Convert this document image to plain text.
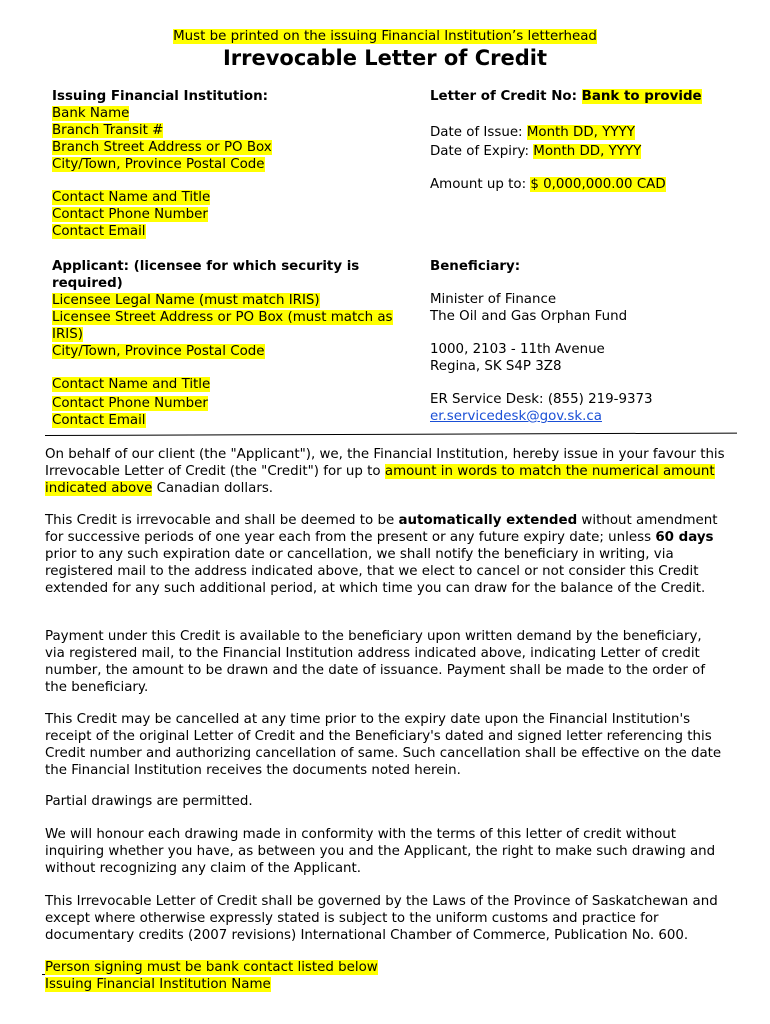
Must be printed on the issuing Financial Institution’s letterhead
Irrevocable Letter of Credit
Issuing Financial Institution:
Bank Name
Branch Transit #
Branch Street Address or PO Box
City/Town, Province Postal Code
Contact Name and Title
Contact Phone Number
Contact Email
Letter of Credit No: Bank to provide
Date of Issue: Month DD, YYYY
Date of Expiry: Month DD, YYYY
Amount up to: $ 0,000,000.00 CAD
Applicant: (licensee for which security is required)
Licensee Legal Name (must match IRIS)
Licensee Street Address or PO Box (must match as IRIS)
City/Town, Province Postal Code
Contact Name and Title
Contact Phone Number
Contact Email
Beneficiary:
Minister of Finance
The Oil and Gas Orphan Fund
1000, 2103 - 11th Avenue
Regina, SK S4P 3Z8
ER Service Desk: (855) 219-9373
er.servicedesk@gov.sk.ca

On behalf of our client (the "Applicant"), we, the Financial Institution, hereby issue in your favour this Irrevocable Letter of Credit (the "Credit") for up to amount in words to match the numerical amount indicated above Canadian dollars.

This Credit is irrevocable and shall be deemed to be automatically extended without amendment for successive periods of one year each from the present or any future expiry date; unless 60 days prior to any such expiration date or cancellation, we shall notify the beneficiary in writing, via registered mail to the address indicated above, that we elect to cancel or not consider this Credit extended for any such additional period, at which time you can draw for the balance of the Credit.

Payment under this Credit is available to the beneficiary upon written demand by the beneficiary, via registered mail, to the Financial Institution address indicated above, indicating Letter of credit number, the amount to be drawn and the date of issuance. Payment shall be made to the order of the beneficiary.

This Credit may be cancelled at any time prior to the expiry date upon the Financial Institution's receipt of the original Letter of Credit and the Beneficiary's dated and signed letter referencing this Credit number and authorizing cancellation of same. Such cancellation shall be effective on the date the Financial Institution receives the documents noted herein.

Partial drawings are permitted.

We will honour each drawing made in conformity with the terms of this letter of credit without inquiring whether you have, as between you and the Applicant, the right to make such drawing and without recognizing any claim of the Applicant.

This Irrevocable Letter of Credit shall be governed by the Laws of the Province of Saskatchewan and except where otherwise expressly stated is subject to the uniform customs and practice for documentary credits (2007 revisions) International Chamber of Commerce, Publication No. 600.

Person signing must be bank contact listed below
Issuing Financial Institution Name
